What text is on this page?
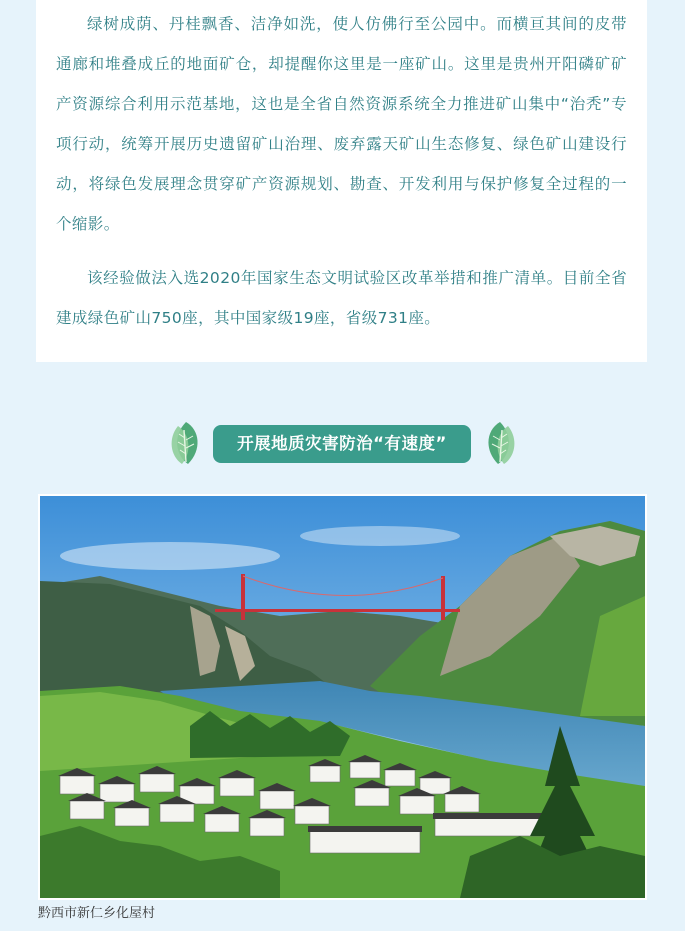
绿树成荫、丹桂飘香、洁净如洗，使人仿佛行至公园中。而横亘其间的皮带通廊和堆叠成丘的地面矿仓，却提醒你这里是一座矿山。这里是贵州开阳磷矿矿产资源综合利用示范基地，这也是全省自然资源系统全力推进矿山集中“治秃”专项行动，统筹开展历史遗留矿山治理、废弃露天矿山生态修复、绿色矿山建设行动，将绿色发展理念贯穿矿产资源规划、勘查、开发利用与保护修复全过程的一个缩影。

该经验做法入选2020年国家生态文明试验区改革举措和推广清单。目前全省建成绿色矿山750座，其中国家级19座，省级731座。

开展地质灾害防治“有速度”
黔西市新仁乡化屋村
